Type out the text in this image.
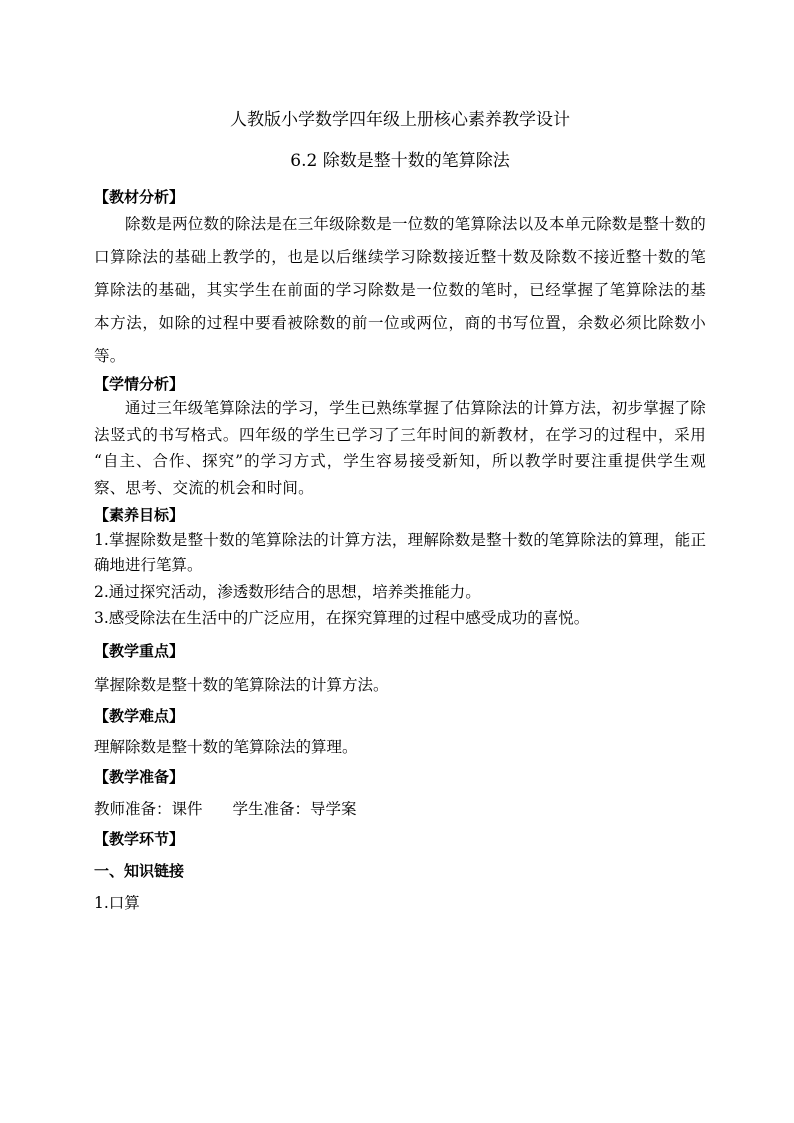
人教版小学数学四年级上册核心素养教学设计
6.2 除数是整十数的笔算除法
【教材分析】
除数是两位数的除法是在三年级除数是一位数的笔算除法以及本单元除数是整十数的口算除法的基础上教学的，也是以后继续学习除数接近整十数及除数不接近整十数的笔算除法的基础，其实学生在前面的学习除数是一位数的笔时，已经掌握了笔算除法的基本方法，如除的过程中要看被除数的前一位或两位，商的书写位置，余数必须比除数小等。
【学情分析】
通过三年级笔算除法的学习，学生已熟练掌握了估算除法的计算方法，初步掌握了除法竖式的书写格式。四年级的学生已学习了三年时间的新教材，在学习的过程中，采用 “自主、合作、探究”的学习方式，学生容易接受新知，所以教学时要注重提供学生观察、思考、交流的机会和时间。
【素养目标】
1.掌握除数是整十数的笔算除法的计算方法，理解除数是整十数的笔算除法的算理，能正确地进行笔算。
2.通过探究活动，渗透数形结合的思想，培养类推能力。
3.感受除法在生活中的广泛应用，在探究算理的过程中感受成功的喜悦。
【教学重点】
掌握除数是整十数的笔算除法的计算方法。
【教学难点】
理解除数是整十数的笔算除法的算理。
【教学准备】
教师准备：课件 学生准备：导学案
【教学环节】
一、知识链接
1.口算
